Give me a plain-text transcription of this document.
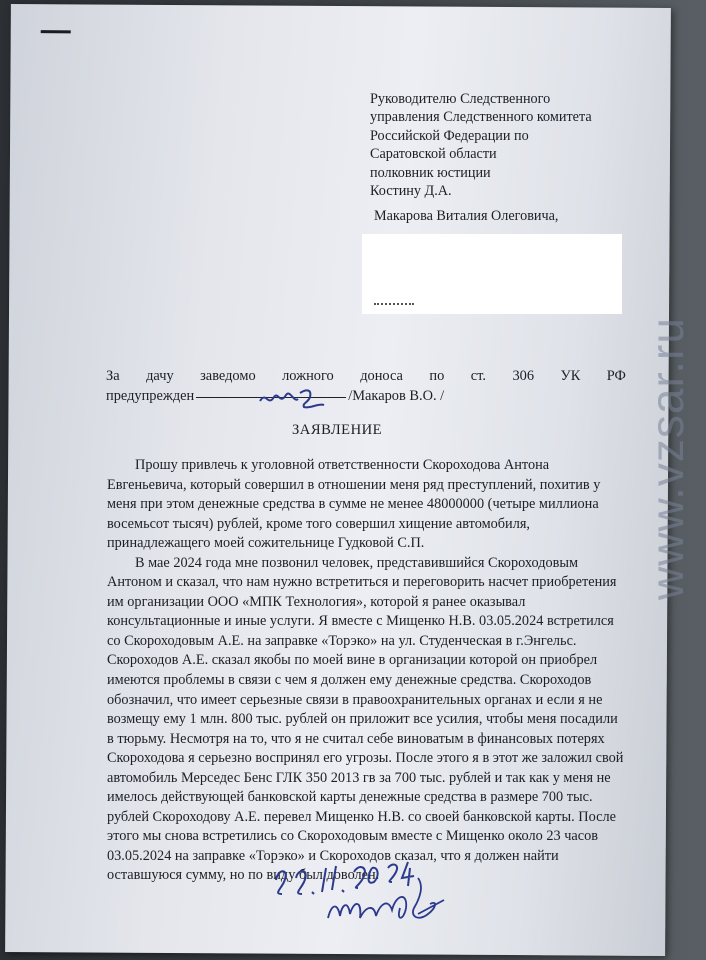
Руководителю Следственного
управления Следственного комитета
Российской Федерации по
Саратовской области
полковник юстиции
Костину Д.А.
Макарова Виталия Олеговича,
За дачу заведомо ложного доноса по ст. 306 УК РФ
предупрежден	/Макаров В.О. /
ЗАЯВЛЕНИЕ

Прошу привлечь к уголовной ответственности Скороходова Антона

Евгеньевича, который совершил в отношении меня ряд преступлений, похитив у

меня при этом денежные средства в сумме не менее 48000000 (четыре миллиона

восемьсот тысяч) рублей, кроме того совершил хищение автомобиля,

принадлежащего моей сожительнице Гудковой С.П.

В мае 2024 года мне позвонил человек, представившийся Скороходовым

Антоном и сказал, что нам нужно встретиться и переговорить насчет приобретения

им организации ООО «МПК Технология», которой я ранее оказывал

консультационные и иные услуги. Я вместе с Мищенко Н.В. 03.05.2024 встретился

со Скороходовым А.Е. на заправке «Торэко» на ул. Студенческая в г.Энгельс.

Скороходов А.Е. сказал якобы по моей вине в организации которой он приобрел

имеются проблемы в связи с чем я должен ему денежные средства. Скороходов

обозначил, что имеет серьезные связи в правоохранительных органах и если я не

возмещу ему 1 млн. 800 тыс. рублей он приложит все усилия, чтобы меня посадили

в тюрьму. Несмотря на то, что я не считал себе виноватым в финансовых потерях

Скороходова я серьезно воспринял его угрозы. После этого я в этот же заложил свой

автомобиль Мерседес Бенс ГЛК 350 2013 гв за 700 тыс. рублей и так как у меня не

имелось действующей банковской карты денежные средства в размере 700 тыс.

рублей Скороходову А.Е. перевел Мищенко Н.В. со своей банковской карты. После

этого мы снова встретились со Скороходовым вместе с Мищенко около 23 часов

03.05.2024 на заправке «Торэко» и Скороходов сказал, что я должен найти

оставшуюся сумму, но по виду был доволен.

www.vzsar.ru
